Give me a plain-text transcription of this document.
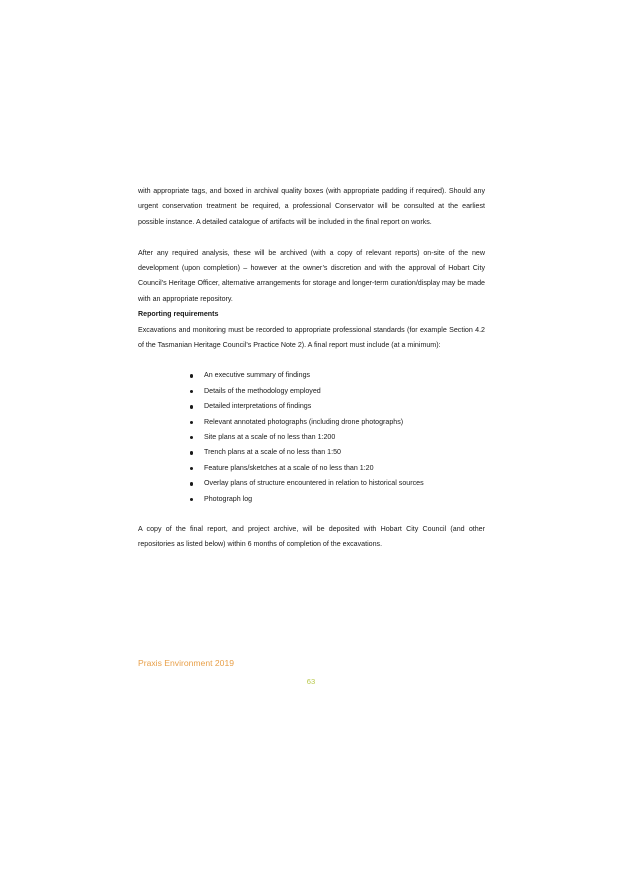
with appropriate tags, and boxed in archival quality boxes (with appropriate padding if required). Should any urgent conservation treatment be required, a professional Conservator will be consulted at the earliest possible instance. A detailed catalogue of artifacts will be included in the final report on works.

After any required analysis, these will be archived (with a copy of relevant reports) on-site of the new development (upon completion) – however at the owner’s discretion and with the approval of Hobart City Council’s Heritage Officer, alternative arrangements for storage and longer-term curation/display may be made with an appropriate repository.

Reporting requirements

Excavations and monitoring must be recorded to appropriate professional standards (for example Section 4.2 of the Tasmanian Heritage Council’s Practice Note 2). A final report must include (at a minimum):

An executive summary of findings
Details of the methodology employed
Detailed interpretations of findings
Relevant annotated photographs (including drone photographs)
Site plans at a scale of no less than 1:200
Trench plans at a scale of no less than 1:50
Feature plans/sketches at a scale of no less than 1:20
Overlay plans of structure encountered in relation to historical sources
Photograph log

A copy of the final report, and project archive, will be deposited with Hobart City Council (and other repositories as listed below) within 6 months of completion of the excavations.

Praxis Environment 2019
63
